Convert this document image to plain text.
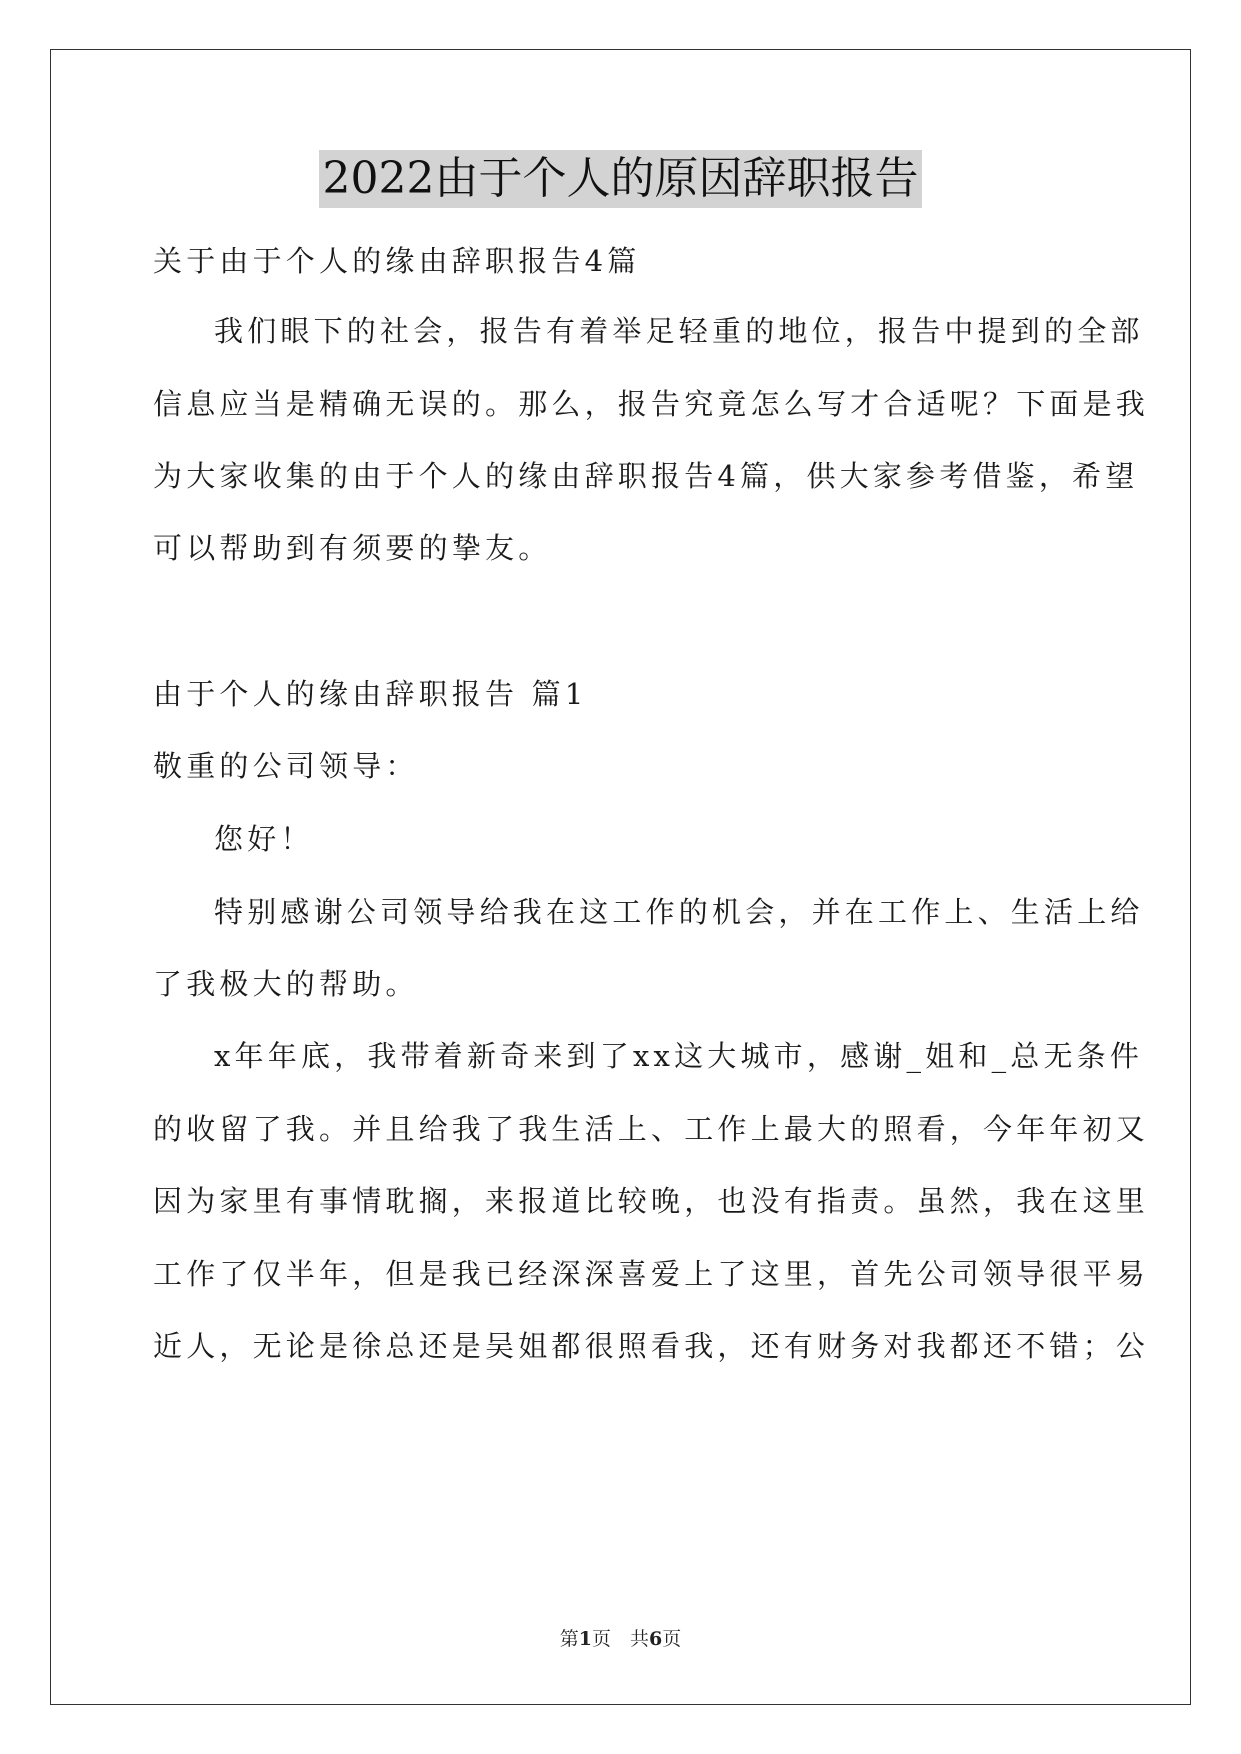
2022由于个人的原因辞职报告
关于由于个人的缘由辞职报告4篇
我们眼下的社会，报告有着举足轻重的地位，报告中提到的全部
信息应当是精确无误的。那么，报告究竟怎么写才合适呢？下面是我
为大家收集的由于个人的缘由辞职报告4篇，供大家参考借鉴，希望
可以帮助到有须要的挚友。
由于个人的缘由辞职报告 篇1
敬重的公司领导：
您好！
特别感谢公司领导给我在这工作的机会，并在工作上、生活上给
了我极大的帮助。
x年年底，我带着新奇来到了xx这大城市，感谢_姐和_总无条件
的收留了我。并且给我了我生活上、工作上最大的照看，今年年初又
因为家里有事情耽搁，来报道比较晚，也没有指责。虽然，我在这里
工作了仅半年，但是我已经深深喜爱上了这里，首先公司领导很平易
近人，无论是徐总还是吴姐都很照看我，还有财务对我都还不错；公
第1页　共6页
